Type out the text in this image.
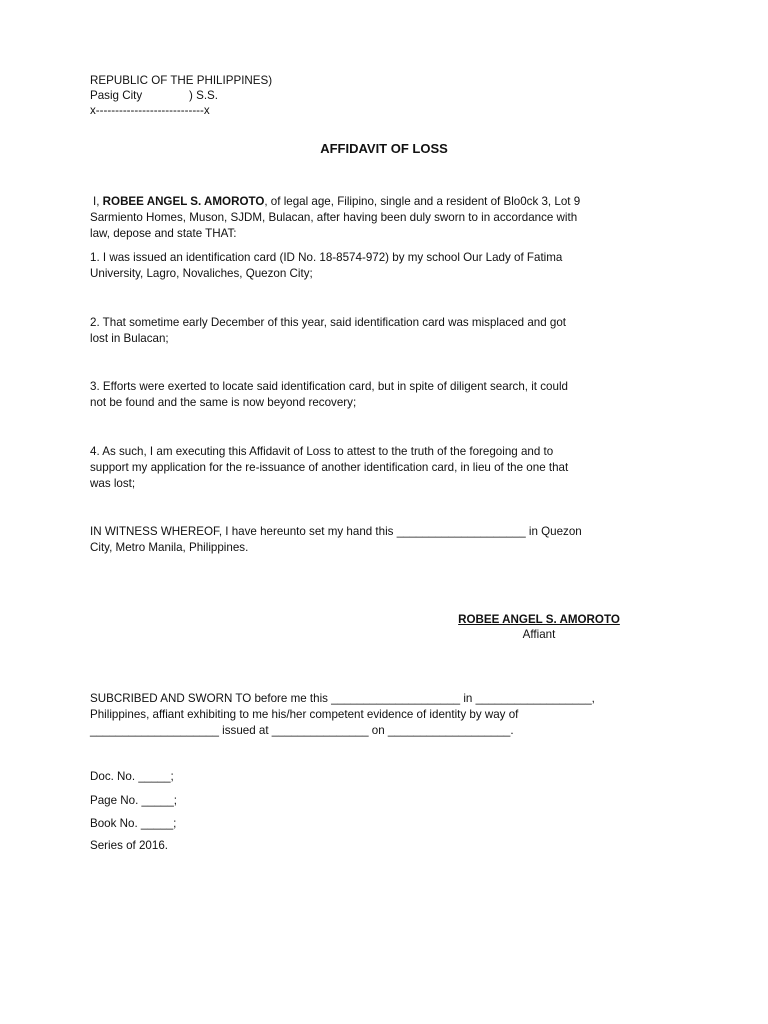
REPUBLIC OF THE PHILIPPINES)
Pasig City	) S.S.
x----------------------------x
AFFIDAVIT OF LOSS
I, ROBEE ANGEL S. AMOROTO, of legal age, Filipino, single and a resident of Blo0ck 3, Lot 9
Sarmiento Homes, Muson, SJDM, Bulacan, after having been duly sworn to in accordance with
law, depose and state THAT:
1. I was issued an identification card (ID No. 18-8574-972) by my school Our Lady of Fatima
University, Lagro, Novaliches, Quezon City;
2. That sometime early December of this year, said identification card was misplaced and got
lost in Bulacan;
3. Efforts were exerted to locate said identification card, but in spite of diligent search, it could
not be found and the same is now beyond recovery;
4. As such, I am executing this Affidavit of Loss to attest to the truth of the foregoing and to
support my application for the re-issuance of another identification card, in lieu of the one that
was lost;
IN WITNESS WHEREOF, I have hereunto set my hand this ____________________ in Quezon
City, Metro Manila, Philippines.
ROBEE ANGEL S. AMOROTO
Affiant
SUBCRIBED AND SWORN TO before me this ____________________ in __________________,
Philippines, affiant exhibiting to me his/her competent evidence of identity by way of
____________________ issued at _______________ on ___________________.
Doc. No. _____;
Page No. _____;
Book No. _____;
Series of 2016.
